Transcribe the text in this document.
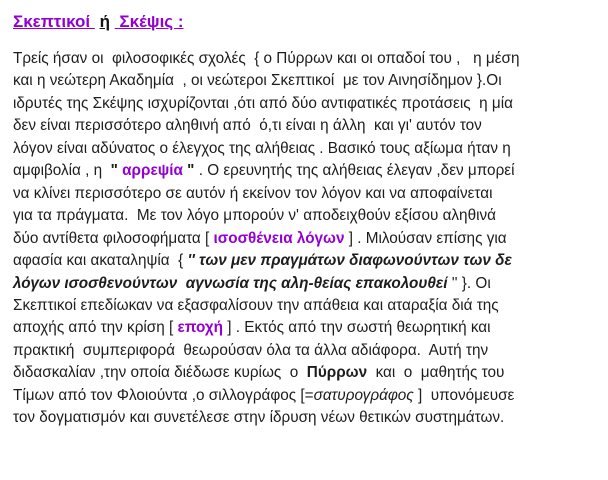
Σκεπτικοί  ή  Σκέψις :
Τρείς ήσαν οι  φιλοσοφικές σχολές  { ο Πύρρων και οι οπαδοί του ,   η μέση
και η νεώτερη Ακαδημία  , οι νεώτεροι Σκεπτικοί  με τον Αινησίδημον }.Οι
ιδρυτές της Σκέψης ισχυρίζονται ,ότι από δύο αντιφατικές προτάσεις  η μία
δεν είναι περισσότερο αληθινή από  ό,τι είναι η άλλη  και γι' αυτόν τον
λόγον είναι αδύνατος ο έλεγχος της αλήθειας . Βασικό τους αξίωμα ήταν η
αμφιβολία , η  " αρρεψία " . Ο ερευνητής της αλήθειας έλεγαν ,δεν μπορεί
να κλίνει περισσότερο σε αυτόν ή εκείνον τον λόγον και να αποφαίνεται
για τα πράγματα.  Με τον λόγο μπορούν ν' αποδειχθούν εξίσου αληθινά
δύο αντίθετα φιλοσοφήματα [ ισοσθένεια λόγων ] . Μιλούσαν επίσης για
αφασία και ακαταληψία  { '' των μεν πραγμάτων διαφωνούντων των δε
λόγων ισοσθενούντων  αγνωσία της αλη-θείας επακολουθεί '' }. Οι
Σκεπτικοί επεδίωκαν να εξασφαλίσουν την απάθεια και αταραξία διά της
αποχής από την κρίση [ εποχή ] . Εκτός από την σωστή θεωρητική και
πρακτική  συμπεριφορά  θεωρούσαν όλα τα άλλα αδιάφορα.  Αυτή την
διδασκαλίαν ,την οποία διέδωσε κυρίως  ο  Πύρρων  και  ο  μαθητής του
Τίμων από τον Φλοιούντα ,ο σιλλογράφος [=σατυρογράφος ]  υπονόμευσε
τον δογματισμόν και συνετέλεσε στην ίδρυση νέων θετικών συστημάτων.
